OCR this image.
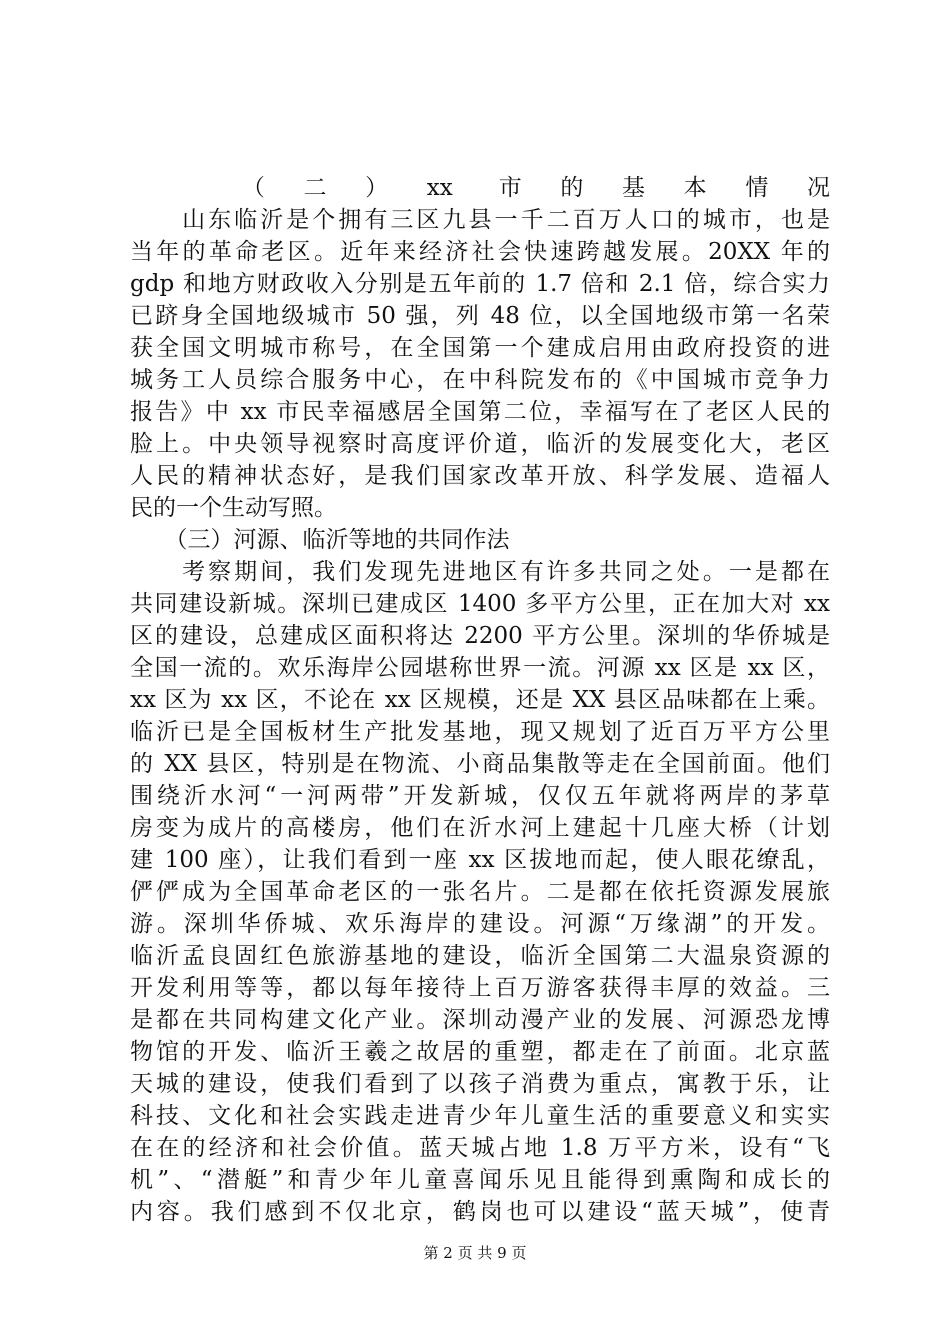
　　（二）xx 市的基本情况
　　山东临沂是个拥有三区九县一千二百万人口的城市，也是
当年的革命老区。近年来经济社会快速跨越发展。20XX 年的
gdp 和地方财政收入分别是五年前的 1.7 倍和 2.1 倍，综合实力
已跻身全国地级城市 50 强，列 48 位，以全国地级市第一名荣
获全国文明城市称号，在全国第一个建成启用由政府投资的进
城务工人员综合服务中心，在中科院发布的《中国城市竞争力
报告》中 xx 市民幸福感居全国第二位，幸福写在了老区人民的
脸上。中央领导视察时高度评价道，临沂的发展变化大，老区
人民的精神状态好，是我们国家改革开放、科学发展、造福人
民的一个生动写照。
　　（三）河源、临沂等地的共同作法
　　考察期间，我们发现先进地区有许多共同之处。一是都在
共同建设新城。深圳已建成区 1400 多平方公里，正在加大对 xx
区的建设，总建成区面积将达 2200 平方公里。深圳的华侨城是
全国一流的。欢乐海岸公园堪称世界一流。河源 xx 区是 xx 区，
xx 区为 xx 区，不论在 xx 区规模，还是 XX 县区品味都在上乘。
临沂已是全国板材生产批发基地，现又规划了近百万平方公里
的 XX 县区，特别是在物流、小商品集散等走在全国前面。他们
围绕沂水河“一河两带”开发新城，仅仅五年就将两岸的茅草
房变为成片的高楼房，他们在沂水河上建起十几座大桥（计划
建 100 座），让我们看到一座 xx 区拔地而起，使人眼花缭乱，
俨俨成为全国革命老区的一张名片。二是都在依托资源发展旅
游。深圳华侨城、欢乐海岸的建设。河源“万缘湖”的开发。
临沂孟良固红色旅游基地的建设，临沂全国第二大温泉资源的
开发利用等等，都以每年接待上百万游客获得丰厚的效益。三
是都在共同构建文化产业。深圳动漫产业的发展、河源恐龙博
物馆的开发、临沂王羲之故居的重塑，都走在了前面。北京蓝
天城的建设，使我们看到了以孩子消费为重点，寓教于乐，让
科技、文化和社会实践走进青少年儿童生活的重要意义和实实
在在的经济和社会价值。蓝天城占地 1.8 万平方米，设有“飞
机”、“潜艇”和青少年儿童喜闻乐见且能得到熏陶和成长的
内容。我们感到不仅北京，鹤岗也可以建设“蓝天城”，使青
第 2 页 共 9 页
